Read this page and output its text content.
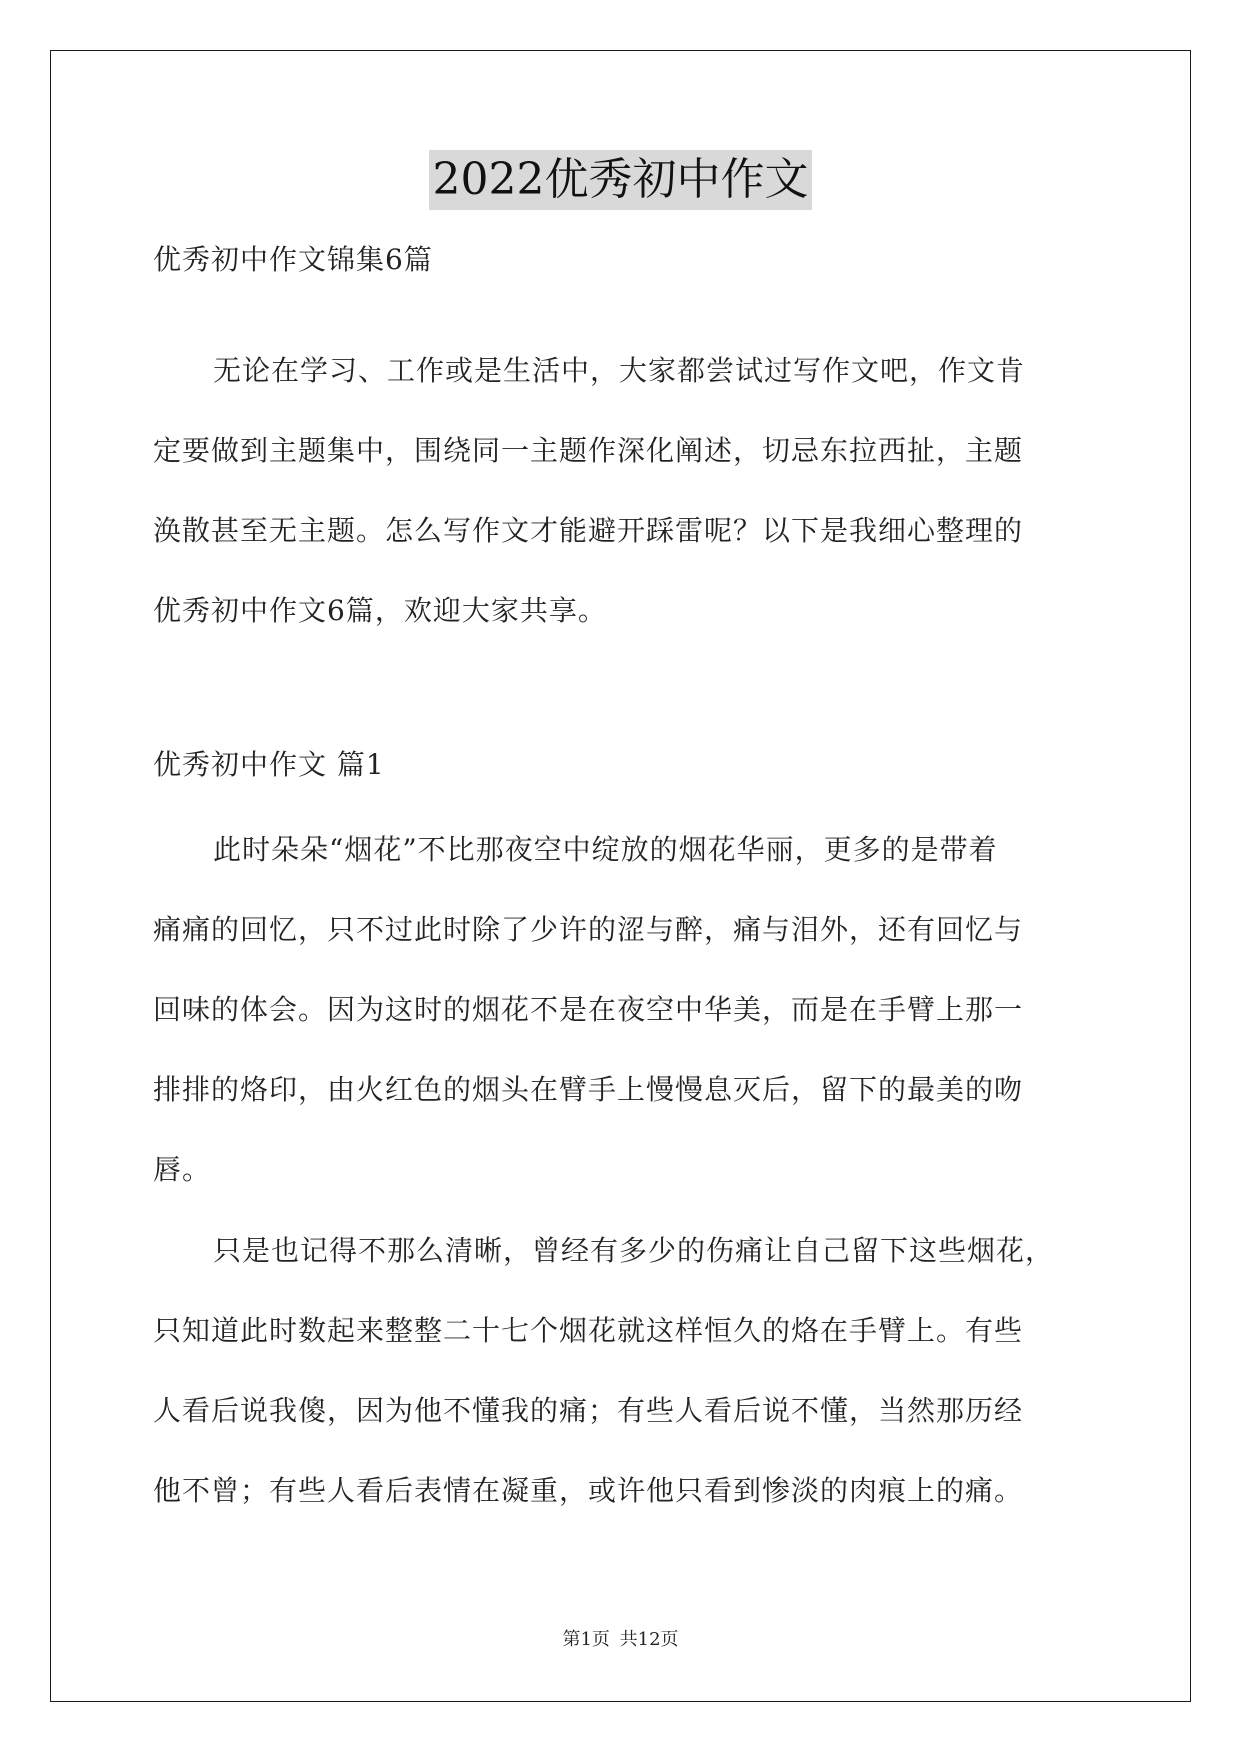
2022优秀初中作文
优秀初中作文锦集6篇
无论在学习、工作或是生活中，大家都尝试过写作文吧，作文肯
定要做到主题集中，围绕同一主题作深化阐述，切忌东拉西扯，主题
涣散甚至无主题。怎么写作文才能避开踩雷呢？以下是我细心整理的
优秀初中作文6篇，欢迎大家共享。
优秀初中作文 篇1
此时朵朵“烟花”不比那夜空中绽放的烟花华丽，更多的是带着
痛痛的回忆，只不过此时除了少许的涩与醉，痛与泪外，还有回忆与
回味的体会。因为这时的烟花不是在夜空中华美，而是在手臂上那一
排排的烙印，由火红色的烟头在臂手上慢慢息灭后，留下的最美的吻
唇。
只是也记得不那么清晰，曾经有多少的伤痛让自己留下这些烟花，
只知道此时数起来整整二十七个烟花就这样恒久的烙在手臂上。有些
人看后说我傻，因为他不懂我的痛；有些人看后说不懂，当然那历经
他不曾；有些人看后表情在凝重，或许他只看到惨淡的肉痕上的痛。
第1页 共12页
